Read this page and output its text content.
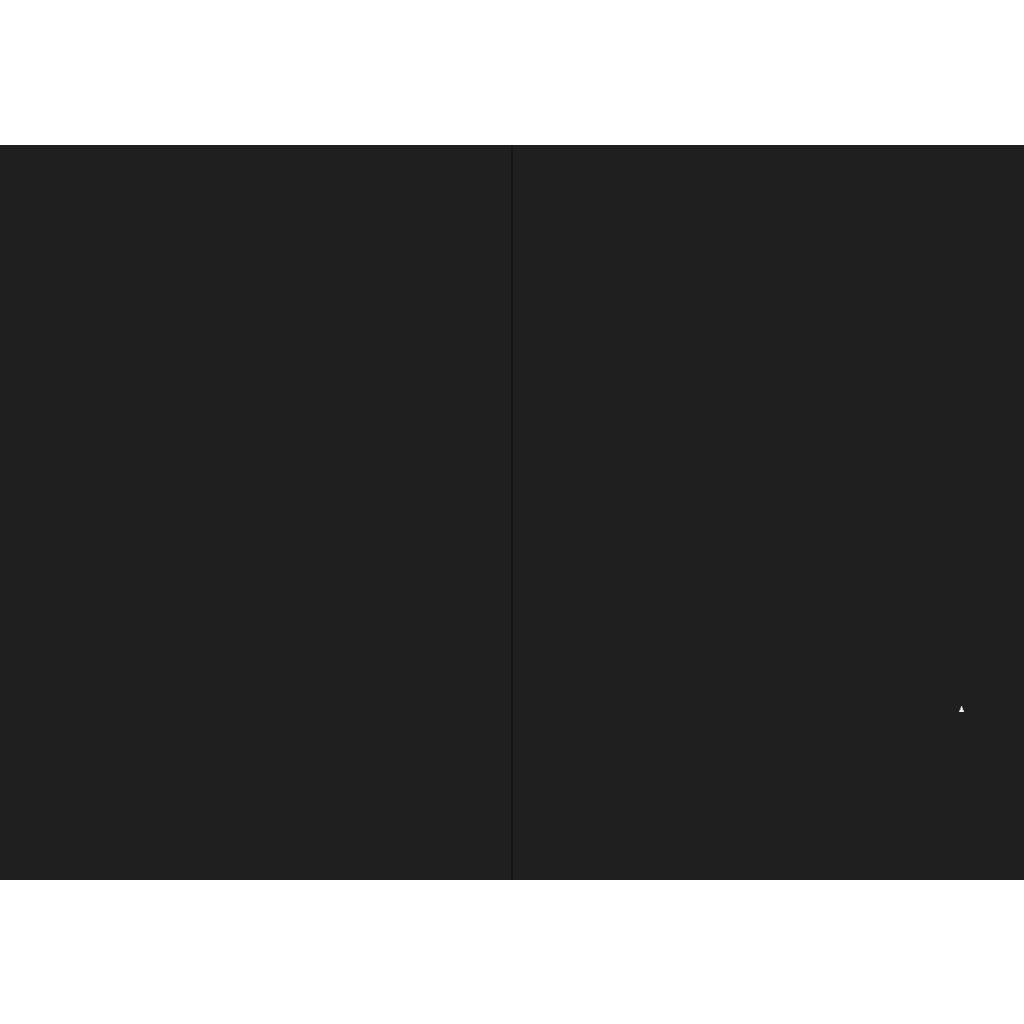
♟
